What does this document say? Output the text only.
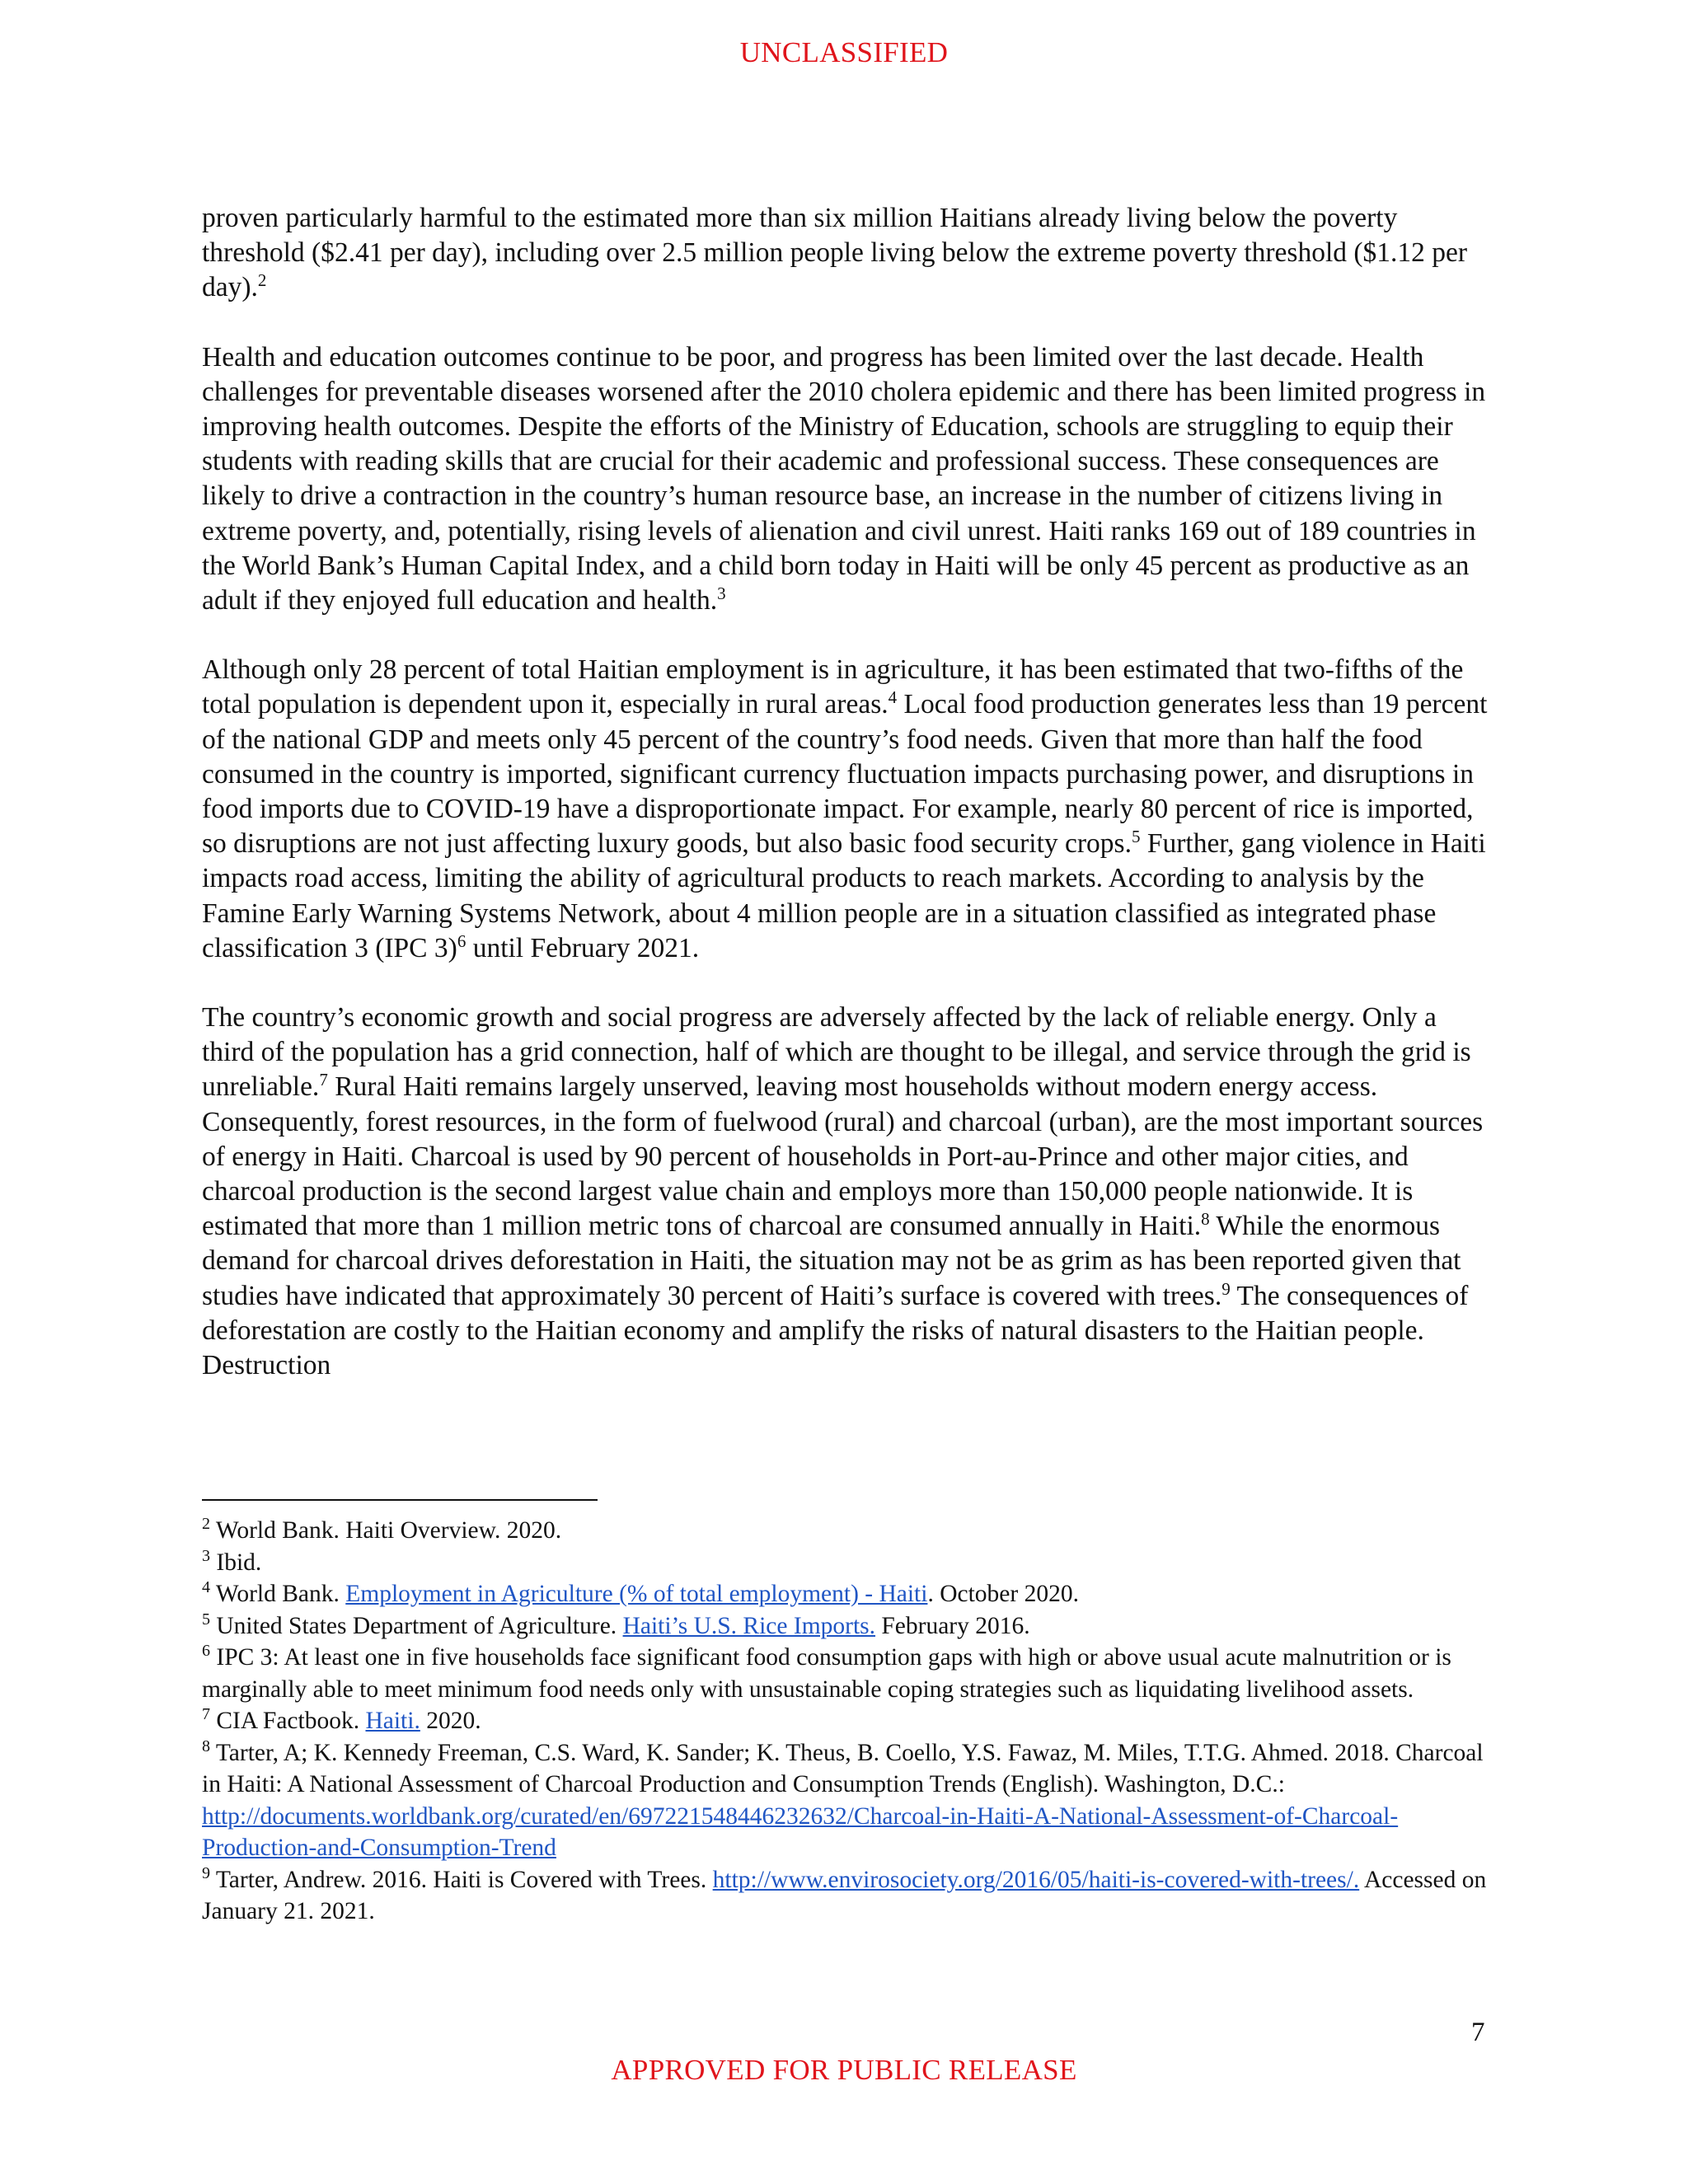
UNCLASSIFIED

proven particularly harmful to the estimated more than six million Haitians already living below the poverty threshold ($2.41 per day), including over 2.5 million people living below the extreme poverty threshold ($1.12 per day).$^2$

Health and education outcomes continue to be poor, and progress has been limited over the last decade. Health challenges for preventable diseases worsened after the 2010 cholera epidemic and there has been limited progress in improving health outcomes. Despite the efforts of the Ministry of Education, schools are struggling to equip their students with reading skills that are crucial for their academic and professional success. These consequences are likely to drive a contraction in the country’s human resource base, an increase in the number of citizens living in extreme poverty, and, potentially, rising levels of alienation and civil unrest. Haiti ranks 169 out of 189 countries in the World Bank’s Human Capital Index, and a child born today in Haiti will be only 45 percent as productive as an adult if they enjoyed full education and health.$^3$

Although only 28 percent of total Haitian employment is in agriculture, it has been estimated that two-fifths of the total population is dependent upon it, especially in rural areas.$^4$ Local food production generates less than 19 percent of the national GDP and meets only 45 percent of the country’s food needs. Given that more than half the food consumed in the country is imported, significant currency fluctuation impacts purchasing power, and disruptions in food imports due to COVID-19 have a disproportionate impact. For example, nearly 80 percent of rice is imported, so disruptions are not just affecting luxury goods, but also basic food security crops.$^5$ Further, gang violence in Haiti impacts road access, limiting the ability of agricultural products to reach markets. According to analysis by the Famine Early Warning Systems Network, about 4 million people are in a situation classified as integrated phase classification 3 (IPC 3)$^6$ until February 2021.

The country’s economic growth and social progress are adversely affected by the lack of reliable energy. Only a third of the population has a grid connection, half of which are thought to be illegal, and service through the grid is unreliable.$^7$ Rural Haiti remains largely unserved, leaving most households without modern energy access. Consequently, forest resources, in the form of fuelwood (rural) and charcoal (urban), are the most important sources of energy in Haiti. Charcoal is used by 90 percent of households in Port-au-Prince and other major cities, and charcoal production is the second largest value chain and employs more than 150,000 people nationwide. It is estimated that more than 1 million metric tons of charcoal are consumed annually in Haiti.$^8$ While the enormous demand for charcoal drives deforestation in Haiti, the situation may not be as grim as has been reported given that studies have indicated that approximately 30 percent of Haiti’s surface is covered with trees.$^9$ The consequences of deforestation are costly to the Haitian economy and amplify the risks of natural disasters to the Haitian people. Destruction

$^2$ World Bank. Haiti Overview. 2020.

$^3$ Ibid.

$^4$ World Bank. Employment in Agriculture (% of total employment) - Haiti. October 2020.

$^5$ United States Department of Agriculture. Haiti’s U.S. Rice Imports. February 2016.

$^6$ IPC 3: At least one in five households face significant food consumption gaps with high or above usual acute malnutrition or is marginally able to meet minimum food needs only with unsustainable coping strategies such as liquidating livelihood assets.

$^7$ CIA Factbook. Haiti. 2020.

$^8$ Tarter, A; K. Kennedy Freeman, C.S. Ward, K. Sander; K. Theus, B. Coello, Y.S. Fawaz, M. Miles, T.T.G. Ahmed. 2018. Charcoal in Haiti: A National Assessment of Charcoal Production and Consumption Trends (English). Washington, D.C.: http://documents.worldbank.org/curated/en/697221548446232632/Charcoal-in-Haiti-A-National-Assessment-of-Charcoal-Production-and-Consumption-Trend

$^9$ Tarter, Andrew. 2016. Haiti is Covered with Trees. http://www.envirosociety.org/2016/05/haiti-is-covered-with-trees/. Accessed on January 21. 2021.

7
APPROVED FOR PUBLIC RELEASE
